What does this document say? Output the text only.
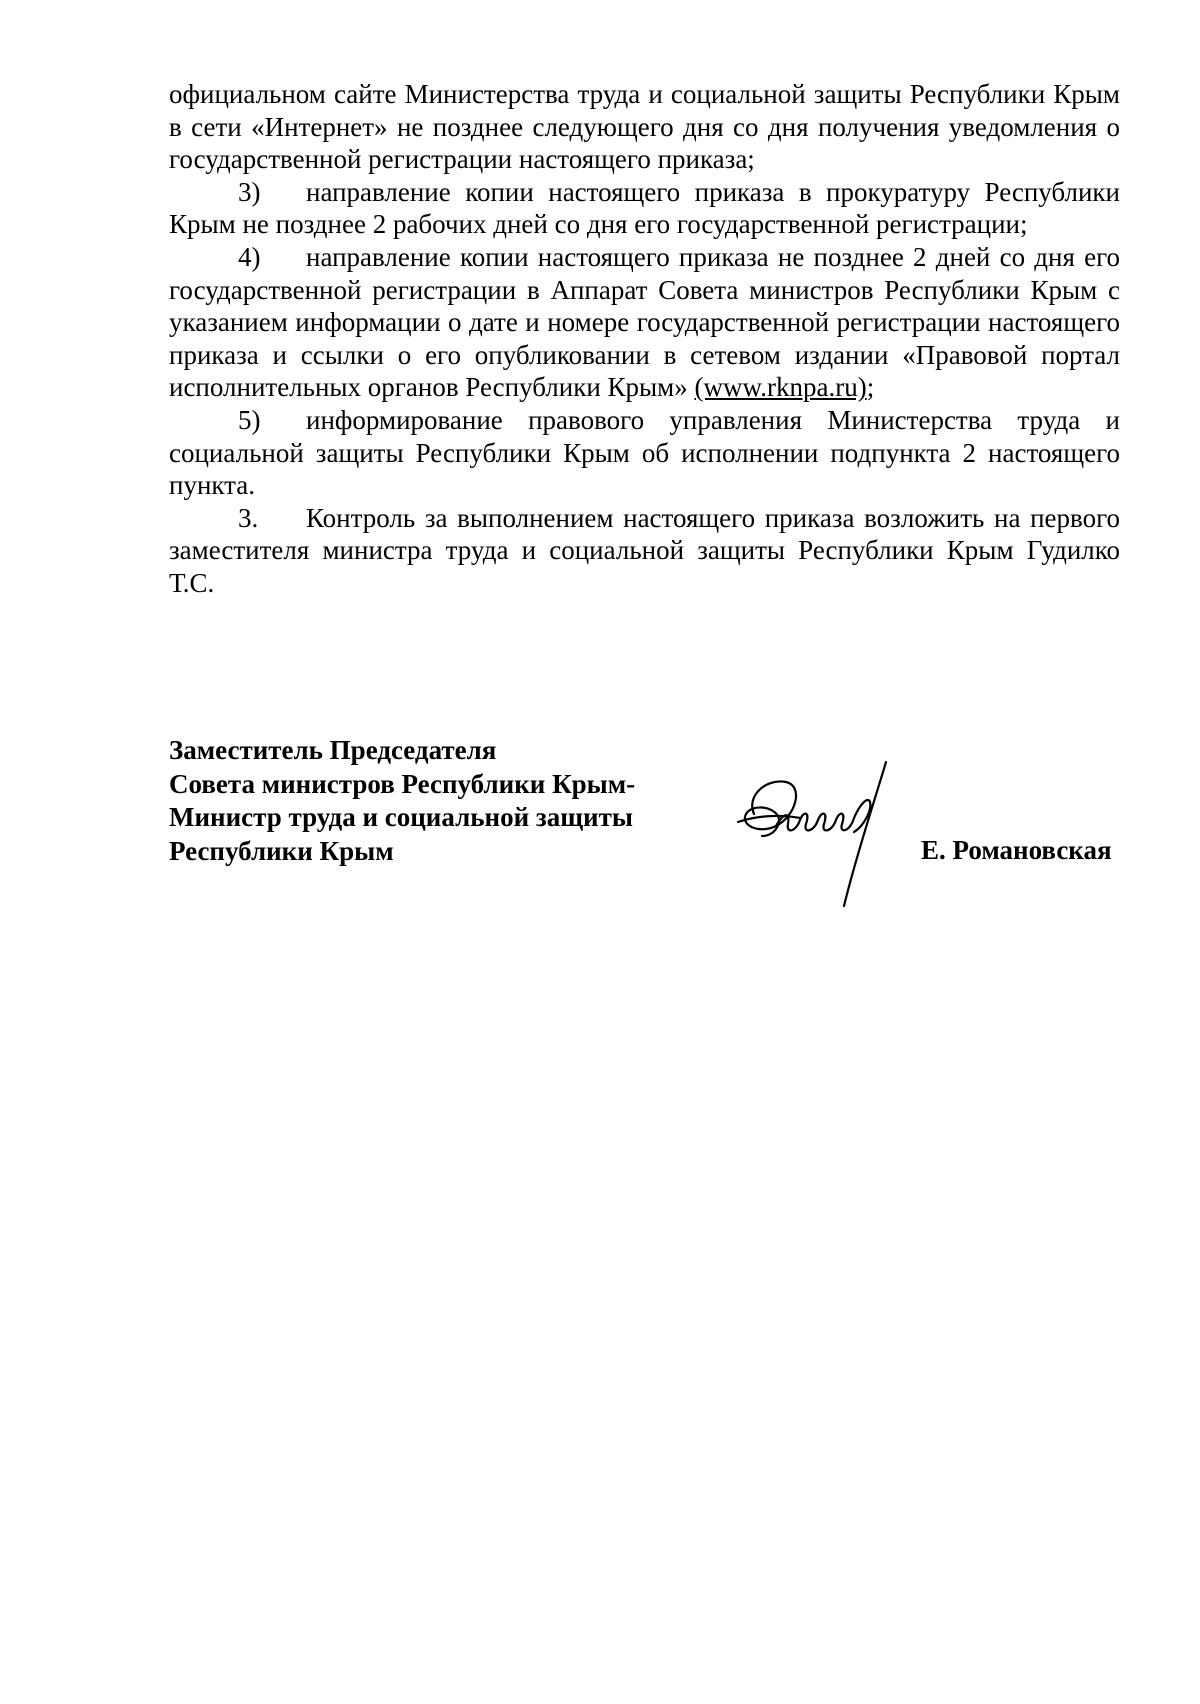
официальном сайте Министерства труда и социальной защиты Республики Крым в сети «Интернет» не позднее следующего дня со дня получения уведомления о государственной регистрации настоящего приказа;

3) направление копии настоящего приказа в прокуратуру Республики Крым не позднее 2 рабочих дней со дня его государственной регистрации;

4) направление копии настоящего приказа не позднее 2 дней со дня его государственной регистрации в Аппарат Совета министров Республики Крым с указанием информации о дате и номере государственной регистрации настоящего приказа и ссылки о его опубликовании в сетевом издании «Правовой портал исполнительных органов Республики Крым» (www.rknpa.ru);

5) информирование правового управления Министерства труда и социальной защиты Республики Крым об исполнении подпункта 2 настоящего пункта.

3. Контроль за выполнением настоящего приказа возложить на первого заместителя министра труда и социальной защиты Республики Крым Гудилко Т.С.

Заместитель Председателя
Совета министров Республики Крым-
Министр труда и социальной защиты
Республики Крым	Е. Романовская
